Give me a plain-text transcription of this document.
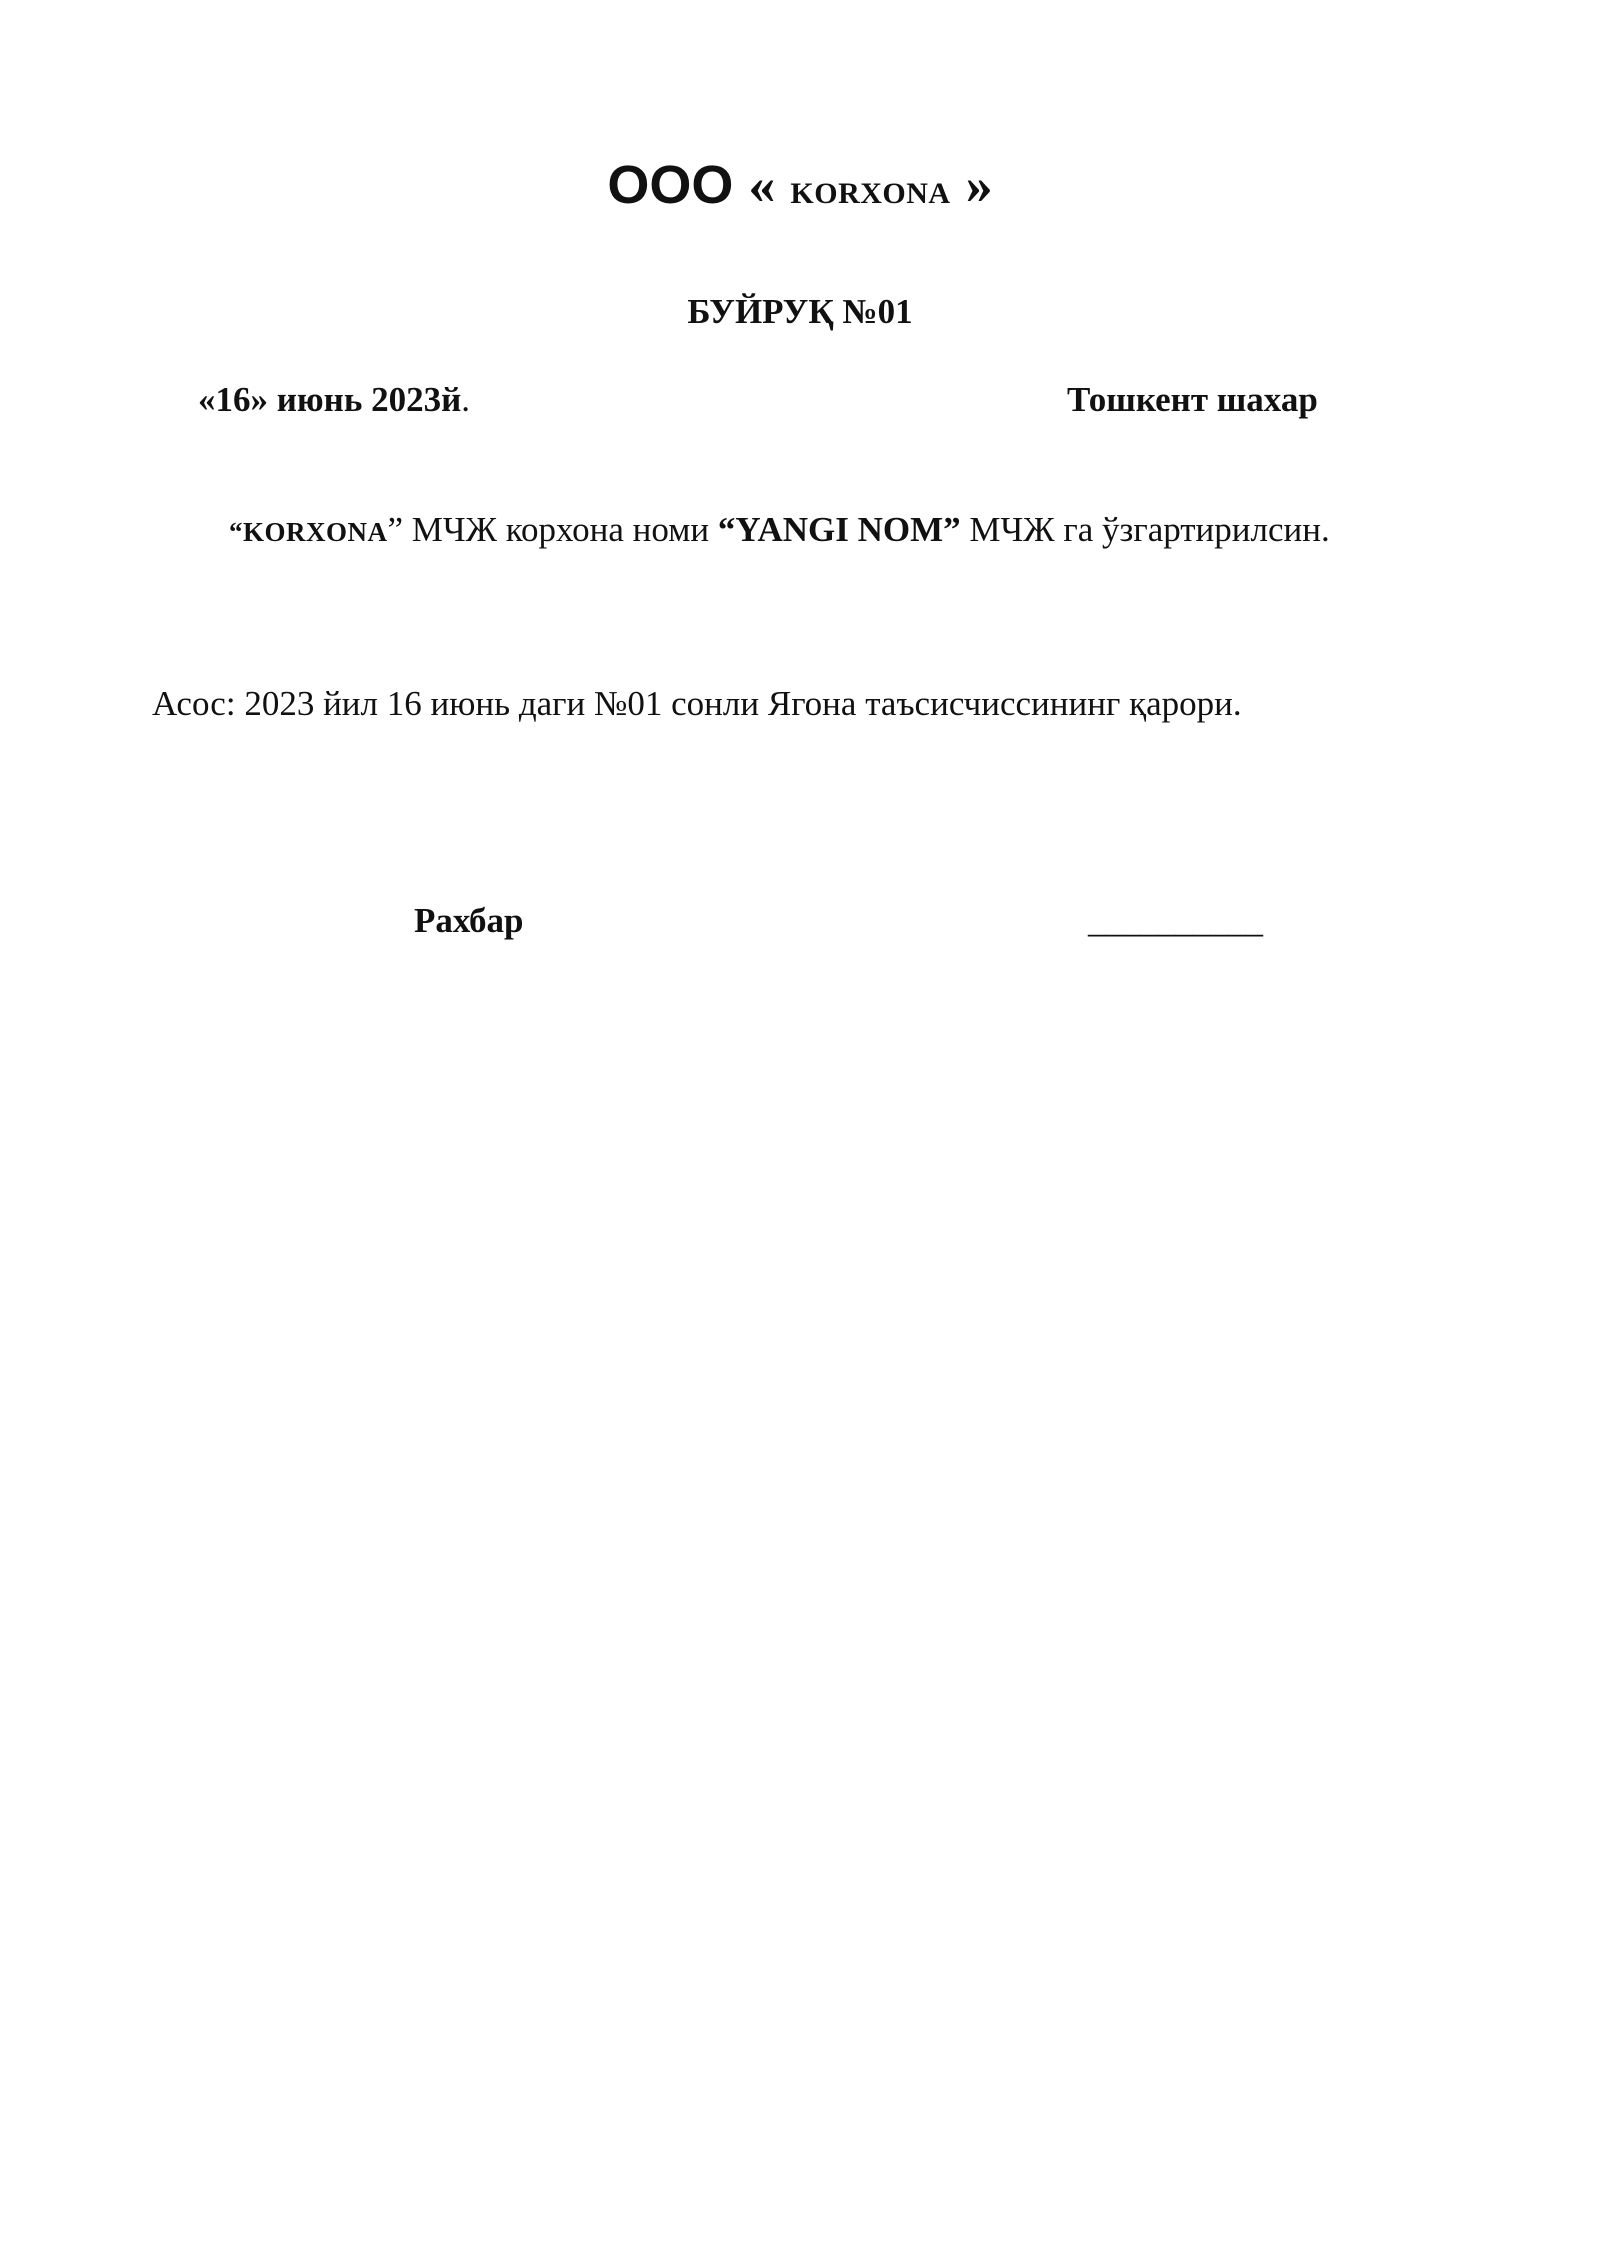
ООО « KORXONA »
БУЙРУҚ №01
«16» июнь 2023й.	Тошкент шахар
“KORXONA” МЧЖ корхона номи “YANGI NOM” МЧЖ га ўзгартирилсин.
Асос: 2023 йил 16 июнь даги №01 сонли Ягона таъсисчиссининг қарори.
Рахбар	__________
